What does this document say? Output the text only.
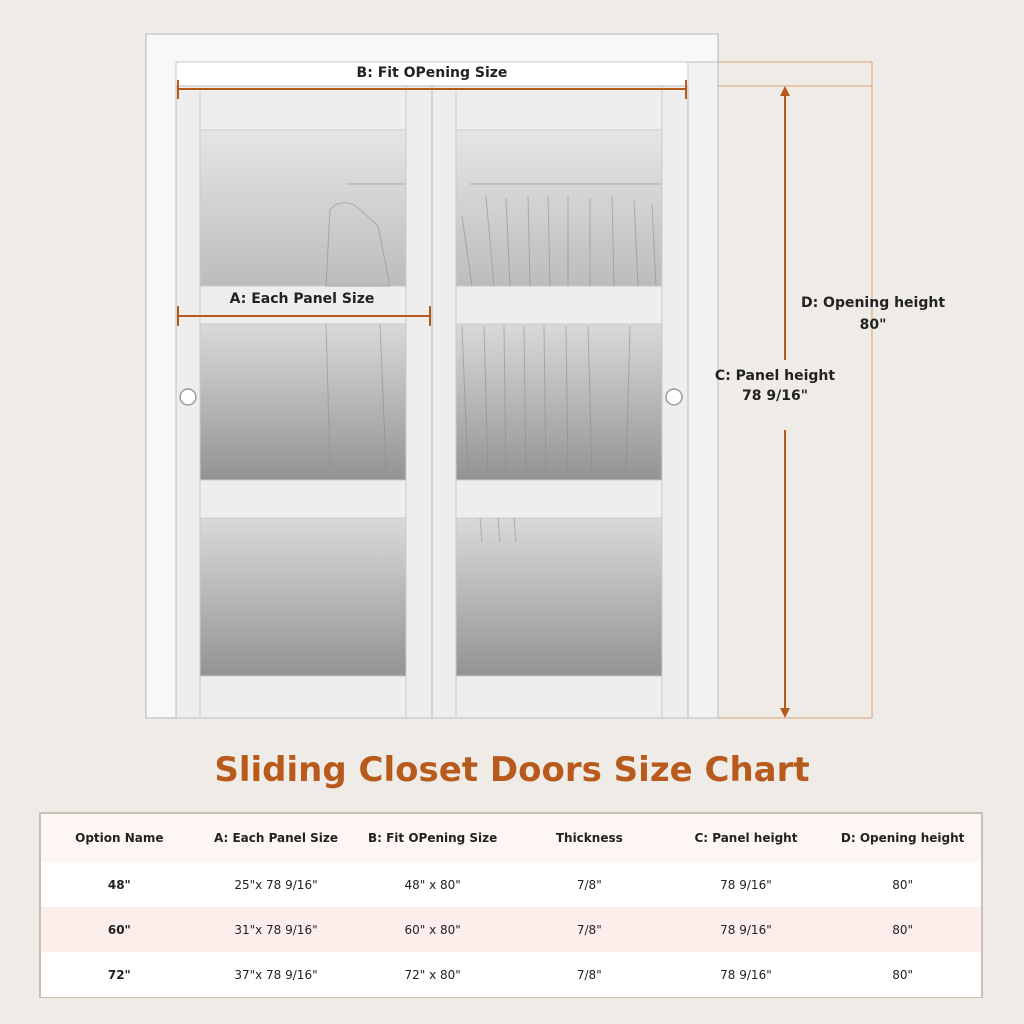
B: Fit OPening Size
A: Each Panel Size	D: Opening height
80"
C: Panel height
78 9/16"
Sliding Closet Doors Size Chart
Option Name	A: Each Panel Size	B: Fit OPening Size	Thickness	C: Panel height	D: Opening height
48"	25"x 78 9/16"	48" x 80"	7/8"	78 9/16"	80"
60"	31"x 78 9/16"	60" x 80"	7/8"	78 9/16"	80"
72"	37"x 78 9/16"	72" x 80"	7/8"	78 9/16"	80"
